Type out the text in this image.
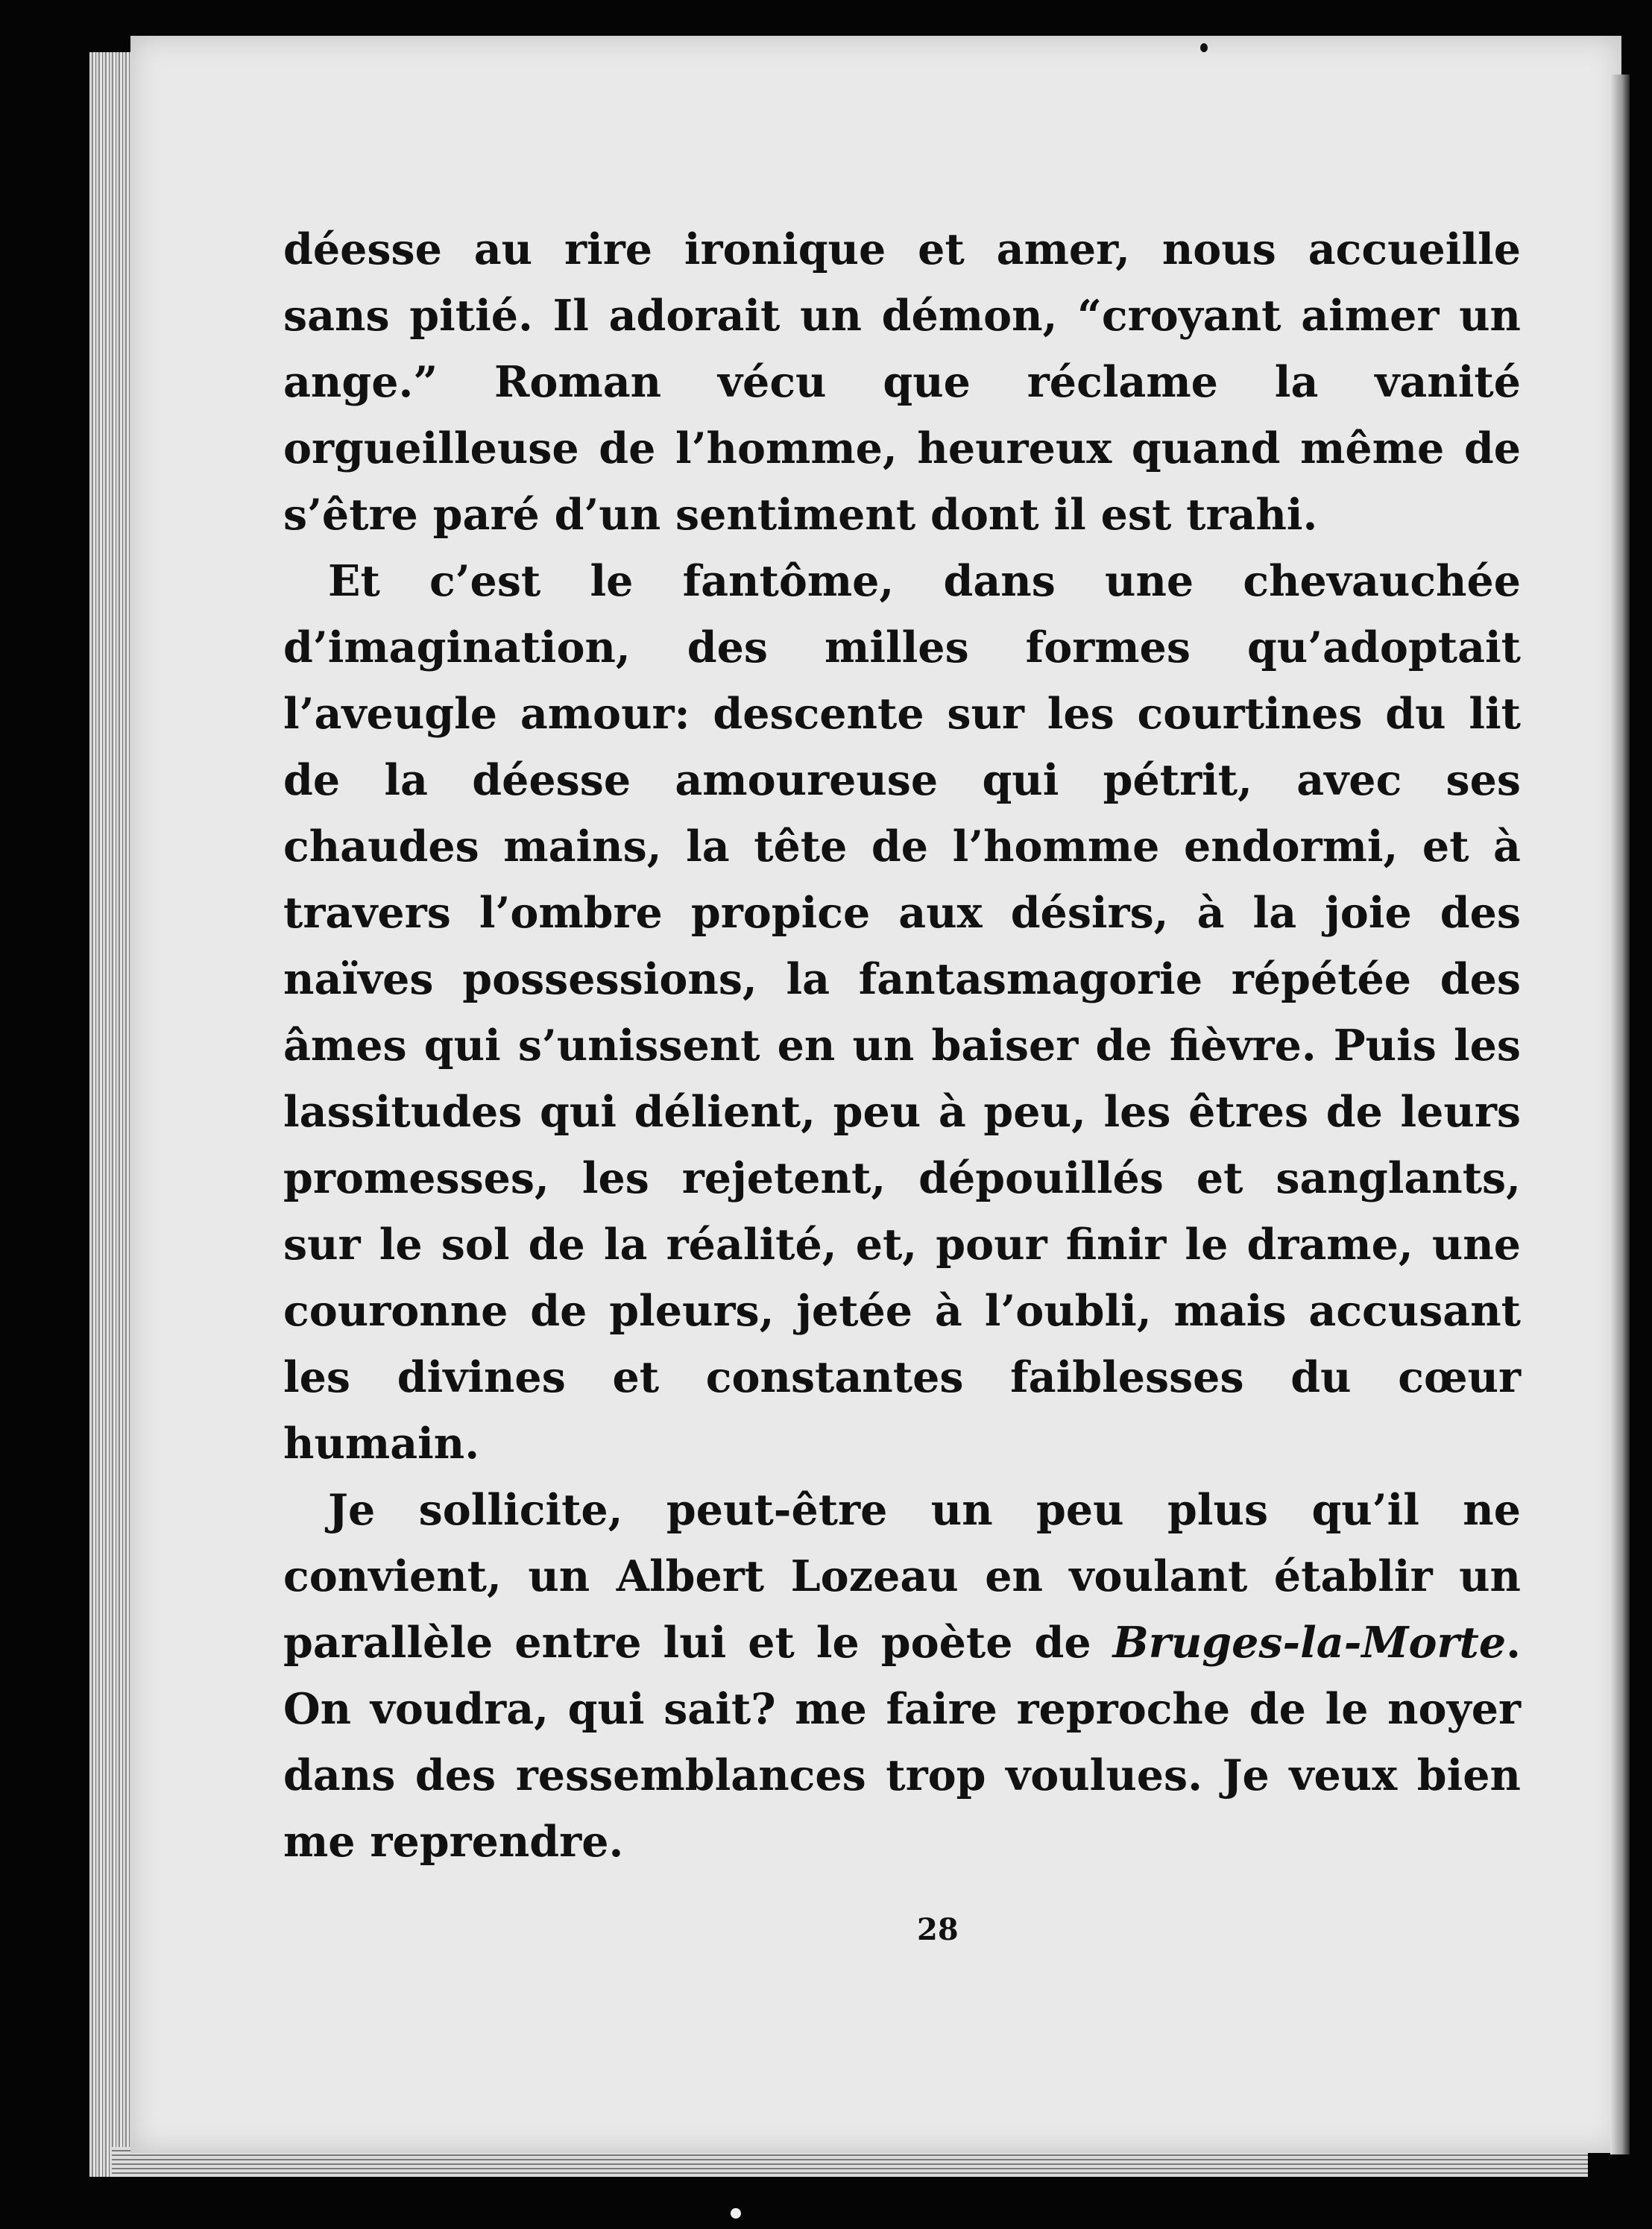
déesse au rire ironique et amer, nous accueille sans pitié. Il adorait un démon, “croyant aimer un ange.” Roman vécu que réclame la vanité orgueilleuse de l’homme, heureux quand même de s’être paré d’un sentiment dont il est trahi.

Et c’est le fantôme, dans une chevauchée d’imagination, des milles formes qu’adoptait l’aveugle amour: descente sur les courtines du lit de la déesse amoureuse qui pétrit, avec ses chaudes mains, la tête de l’homme endormi, et à travers l’ombre propice aux désirs, à la joie des naïves possessions, la fantasmagorie répétée des âmes qui s’unissent en un baiser de fièvre. Puis les lassitudes qui délient, peu à peu, les êtres de leurs promesses, les rejetent, dépouillés et sanglants, sur le sol de la réalité, et, pour finir le drame, une couronne de pleurs, jetée à l’oubli, mais accusant les divines et constantes faiblesses du cœur humain.

Je sollicite, peut-être un peu plus qu’il ne convient, un Albert Lozeau en voulant établir un parallèle entre lui et le poète de Bruges-la-Morte. On voudra, qui sait? me faire reproche de le noyer dans des ressemblances trop voulues. Je veux bien me reprendre.

28
